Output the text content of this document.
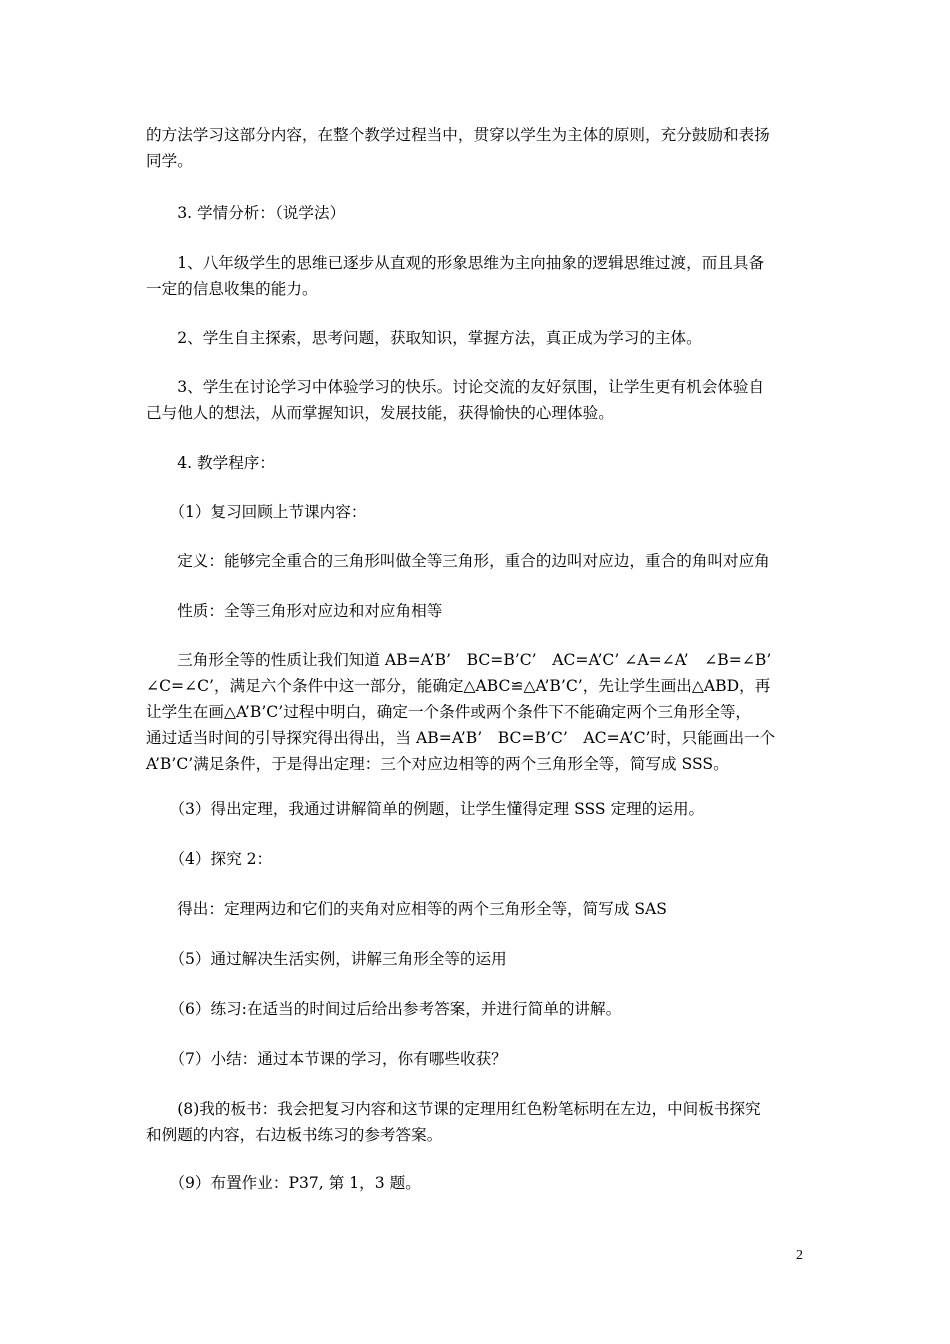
的方法学习这部分内容，在整个教学过程当中，贯穿以学生为主体的原则，充分鼓励和表扬
同学。
　　3. 学情分析：（说学法）
　　1、八年级学生的思维已逐步从直观的形象思维为主向抽象的逻辑思维过渡，而且具备
一定的信息收集的能力。
　　2、学生自主探索，思考问题，获取知识，掌握方法，真正成为学习的主体。
　　3、学生在讨论学习中体验学习的快乐。讨论交流的友好氛围，让学生更有机会体验自
己与他人的想法，从而掌握知识，发展技能，获得愉快的心理体验。
　　4. 教学程序：
　　（1）复习回顾上节课内容：
　　定义：能够完全重合的三角形叫做全等三角形，重合的边叫对应边，重合的角叫对应角
　　性质：全等三角形对应边和对应角相等
　　三角形全等的性质让我们知道 AB=A’B’　BC=B’C’　AC=A’C’ ∠A=∠A’　∠B=∠B’
∠C=∠C’，满足六个条件中这一部分，能确定△ABC≌△A’B’C’，先让学生画出△ABD，再
让学生在画△A’B’C’过程中明白，确定一个条件或两个条件下不能确定两个三角形全等，
通过适当时间的引导探究得出得出，当 AB=A’B’　BC=B’C’　AC=A’C’时，只能画出一个
A’B’C’满足条件，于是得出定理：三个对应边相等的两个三角形全等，简写成 SSS。
　　（3）得出定理，我通过讲解简单的例题，让学生懂得定理 SSS 定理的运用。
　　（4）探究 2：
　　得出：定理两边和它们的夹角对应相等的两个三角形全等，简写成 SAS
　　（5）通过解决生活实例，讲解三角形全等的运用
　　（6）练习:在适当的时间过后给出参考答案，并进行简单的讲解。
　　（7）小结：通过本节课的学习，你有哪些收获？
　　(8)我的板书：我会把复习内容和这节课的定理用红色粉笔标明在左边，中间板书探究
和例题的内容，右边板书练习的参考答案。
　　（9）布置作业：P37, 第 1，3 题。
2
